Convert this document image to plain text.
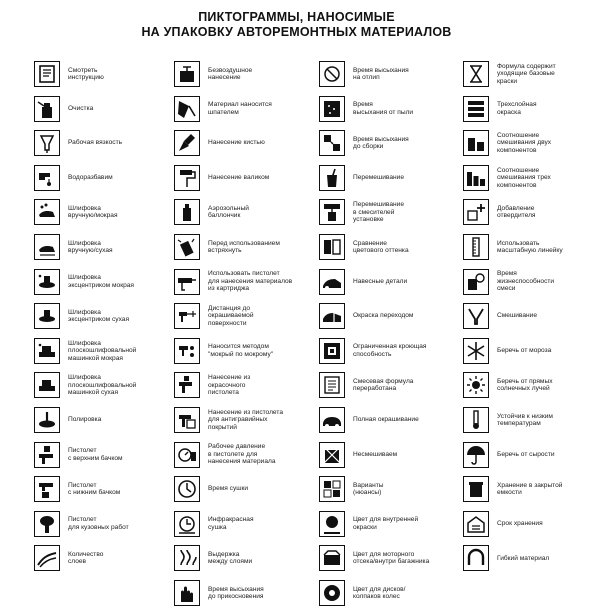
ПИКТОГРАММЫ, НАНОСИМЫЕ
НА УПАКОВКУ АВТОРЕМОНТНЫХ МАТЕРИАЛОВ
Смотреть
инструкцию
Очистка
Рабочая вязкость
Водоразбавим
Шлифовка
вручную/мокрая
Шлифовка
вручную/сухая
Шлифовка
эксцентриком мокрая
Шлифовка
эксцентриком сухая
Шлифовка
плоскошлифовальной
машинкой мокрая
Шлифовка
плоскошлифовальной
машинкой сухая
Полировка
Пистолет
с верхним бачком
Пистолет
с нижним бачком
Пистолет
для кузовных работ
Количество
слоев
Безвоздушное
нанесение
Материал наносится
шпателем
Нанесение кистью
Нанесение валиком
Аэрозольный
баллончик
Перед использованием
встряхнуть
Использовать пистолет
для нанесения материалов
из картриджа
Дистанция до
окрашиваемой
поверхности
Наносится методом
"мокрый по мокрому"
Нанесение из
окрасочного
пистолета
Нанесение из пистолета
для антигравийных
покрытий
Рабочее давление
в пистолете для
нанесения материала
Время сушки
Инфракрасная
сушка
Выдержка
между слоями
Время высыхания
до прикосновения
Время высыхания
на отлип
Время
высыхания от пыли
Время высыхания
до сборки
Перемешивание
Перемешивание
в смесителей
установке
Сравнение
цветового оттенка
Навесные детали
Окраска переходом
Ограниченная кроющая
способность
Смесевая формула
переработана
Полная окрашивание
Несмешиваем
Варианты
(нюансы)
Цвет для внутренней
окраски
Цвет для моторного
отсека/внутри багажника
Цвет для дисков/
колпаков колес
Формула содержит
уходящие базовые
краски
Трехслойная
окраска
Соотношение
смешивания двух
компонентов
Соотношение
смешивания трех
компонентов
Добавление
отвердителя
Использовать
масштабную линейку
Время
жизнеспособности
смеси
Смешивание
Беречь от мороза
Беречь от прямых
солнечных лучей
Устойчив к низким
температурам
Беречь от сырости
Хранение в закрытой
емкости
Срок хранения
Гибкий материал
